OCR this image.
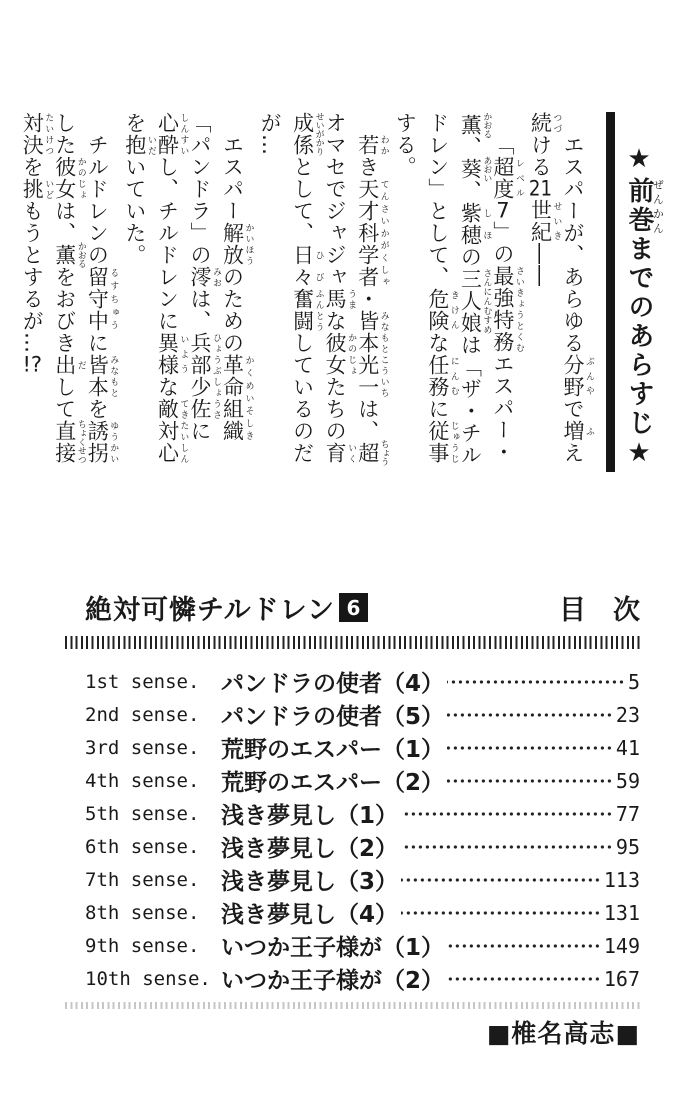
エスパーが、あらゆる分野 ぶんやで増 ふえ続 つづける21世紀 せいき――

「超度 レベル7」の最強特務 さいきょうとくむエスパー・薫 かおる、葵 あおい、紫穂 しほの三人娘 さんにんむすめは「ザ・チルドレン」として、危険 きけんな任務 にんむに従事 じゅうじする。

若 わかき天才科学者 てんさいかがくしゃ・皆本光一 みなもとこういちは、超 ちょうオマセでジャジャ馬 うまな彼女 かのじょたちの育 いく成係 せいがかりとして、日々 ひび奮闘 ふんとうしているのだが…

エスパー解放 かいほうのための革命組織 かくめいそしき「パンドラ」の澪 みおは、兵部少佐 ひょうぶしょうさに心酔 しんすいし、チルドレンに異様 いような敵対心 てきたいしんを抱 いだいていた。

チルドレンの留守中 るすちゅうに皆本 みなもとを誘拐 ゆうかいした彼女 かのじょは、薫 かおるをおびき出 だして直接 ちょくせつ対決 たいけつを挑 いどもうとするが…!?

★前巻ぜんかんまでのあらすじ★
絶対可憐チルドレン 6	目　次
1st sense. パンドラの使者（4）	5
2nd sense. パンドラの使者（5）	23
3rd sense. 荒野のエスパー（1）	41
4th sense. 荒野のエスパー（2）	59
5th sense. 浅き夢見し（1）	77
6th sense. 浅き夢見し（2）	95
7th sense. 浅き夢見し（3）	113
8th sense. 浅き夢見し（4）	131
9th sense. いつか王子様が（1）	149
10th sense. いつか王子様が（2）	167
■椎名高志■
